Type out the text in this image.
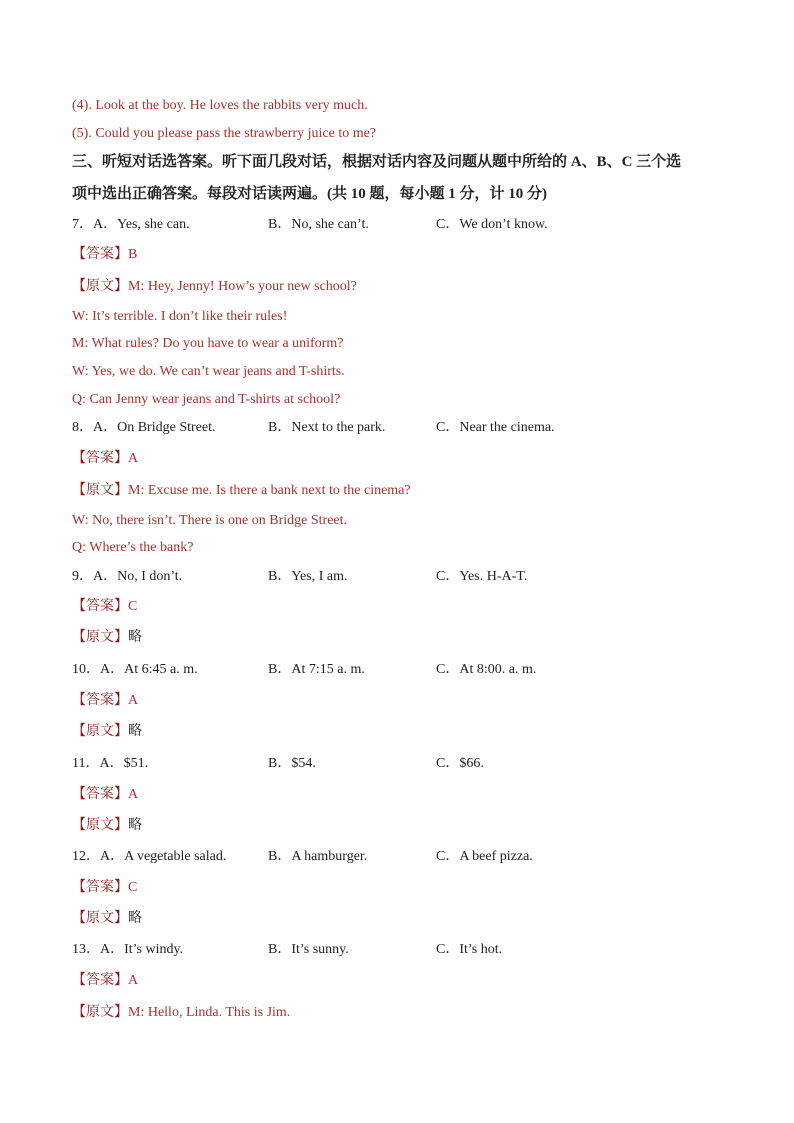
(4). Look at the boy. He loves the rabbits very much.
(5). Could you please pass the strawberry juice to me?
三、听短对话选答案。听下面几段对话，根据对话内容及问题从题中所给的 A、B、C 三个选
项中选出正确答案。每段对话读两遍。(共 10 题，每小题 1 分，计 10 分)
7．A．Yes, she can.	B．No, she can’t.	C．We don’t know.
【答案】B
【原文】M: Hey, Jenny! How’s your new school?
W: It’s terrible. I don’t like their rules!
M: What rules? Do you have to wear a uniform?
W: Yes, we do. We can’t wear jeans and T-shirts.
Q: Can Jenny wear jeans and T-shirts at school?
8．A．On Bridge Street.	B．Next to the park.	C．Near the cinema.
【答案】A
【原文】M: Excuse me. Is there a bank next to the cinema?
W: No, there isn’t. There is one on Bridge Street.
Q: Where’s the bank?
9．A．No, I don’t.	B．Yes, I am.	C．Yes. H-A-T.
【答案】C
【原文】略
10．A．At 6:45 a. m.	B．At 7:15 a. m.	C．At 8:00. a. m.
【答案】A
【原文】略
11．A．$51.	B．$54.	C．$66.
【答案】A
【原文】略
12．A．A vegetable salad.	B．A hamburger.	C．A beef pizza.
【答案】C
【原文】略
13．A．It’s windy.	B．It’s sunny.	C．It’s hot.
【答案】A
【原文】M: Hello, Linda. This is Jim.
